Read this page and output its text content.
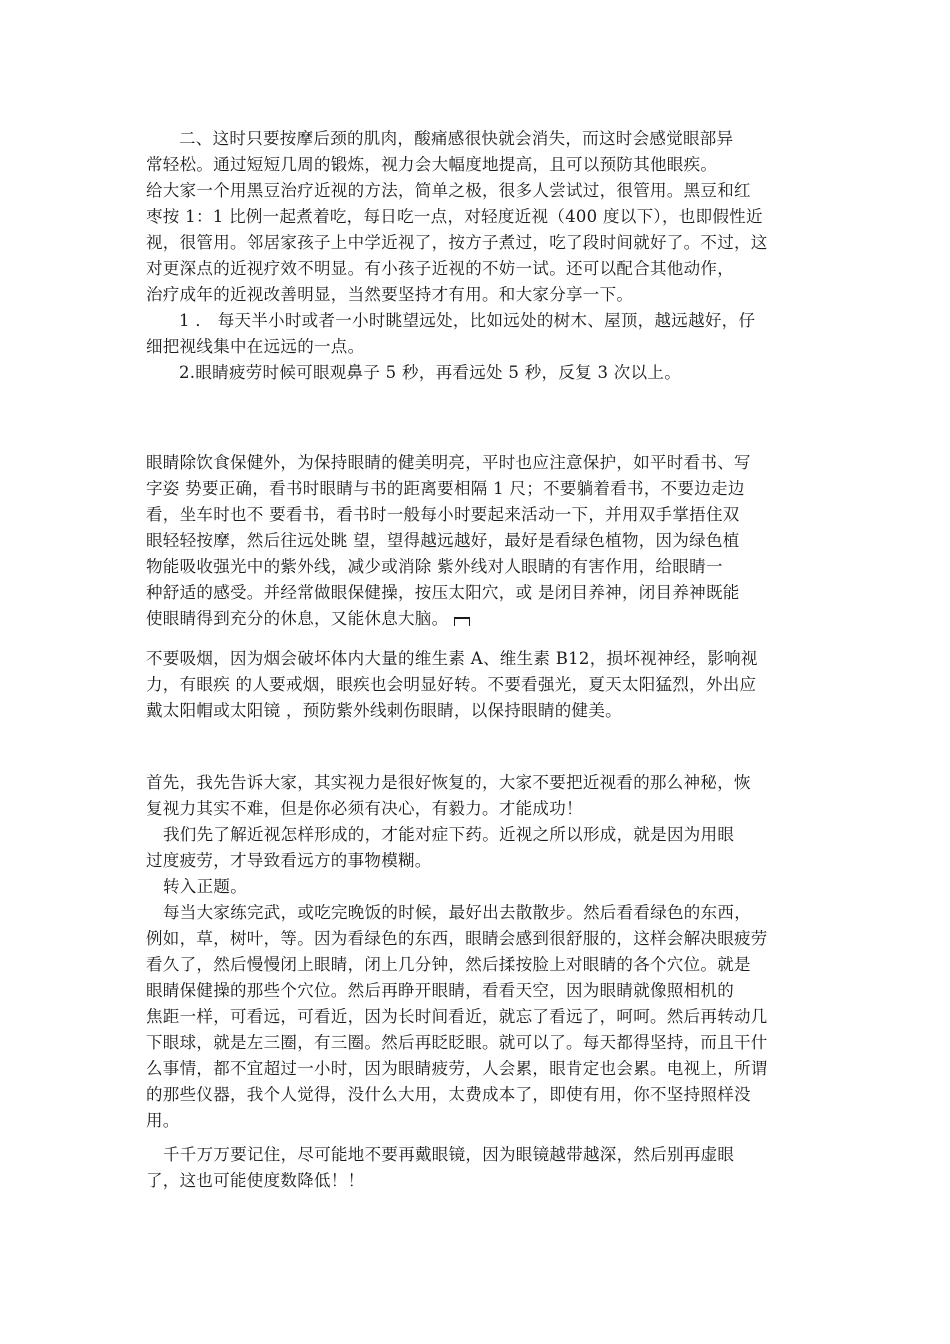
二、这时只要按摩后颈的肌肉，酸痛感很快就会消失，而这时会感觉眼部异
常轻松。通过短短几周的锻炼，视力会大幅度地提高，且可以预防其他眼疾。
给大家一个用黑豆治疗近视的方法，简单之极，很多人尝试过，很管用。黑豆和红
枣按 1：1 比例一起煮着吃，每日吃一点，对轻度近视（400 度以下），也即假性近
视，很管用。邻居家孩子上中学近视了，按方子煮过，吃了段时间就好了。不过，这
对更深点的近视疗效不明显。有小孩子近视的不妨一试。还可以配合其他动作，
治疗成年的近视改善明显，当然要坚持才有用。和大家分享一下。
1 ． 每天半小时或者一小时眺望远处，比如远处的树木、屋顶，越远越好，仔
细把视线集中在远远的一点。
2.眼睛疲劳时候可眼观鼻子 5 秒，再看远处 5 秒，反复 3 次以上。
眼睛除饮食保健外，为保持眼睛的健美明亮，平时也应注意保护，如平时看书、写
字姿 势要正确，看书时眼睛与书的距离要相隔 1 尺；不要躺着看书，不要边走边
看，坐车时也不 要看书，看书时一般每小时要起来活动一下，并用双手掌捂住双
眼轻轻按摩，然后往远处眺 望，望得越远越好，最好是看绿色植物，因为绿色植
物能吸收强光中的紫外线，减少或消除 紫外线对人眼睛的有害作用，给眼睛一
种舒适的感受。并经常做眼保健操，按压太阳穴，或 是闭目养神，闭目养神既能
使眼睛得到充分的休息，又能休息大脑。
不要吸烟，因为烟会破坏体内大量的维生素 A、维生素 B12，损坏视神经，影响视
力，有眼疾 的人要戒烟，眼疾也会明显好转。不要看强光，夏天太阳猛烈，外出应
戴太阳帽或太阳镜 ，预防紫外线刺伤眼睛，以保持眼睛的健美。
首先，我先告诉大家，其实视力是很好恢复的，大家不要把近视看的那么神秘，恢
复视力其实不难，但是你必须有决心，有毅力。才能成功！
我们先了解近视怎样形成的，才能对症下药。近视之所以形成，就是因为用眼
过度疲劳，才导致看远方的事物模糊。
转入正题。
每当大家练完武，或吃完晚饭的时候，最好出去散散步。然后看看绿色的东西，
例如，草，树叶，等。因为看绿色的东西，眼睛会感到很舒服的，这样会解决眼疲劳
看久了，然后慢慢闭上眼睛，闭上几分钟，然后揉按脸上对眼睛的各个穴位。就是
眼睛保健操的那些个穴位。然后再睁开眼睛，看看天空，因为眼睛就像照相机的
焦距一样，可看远，可看近，因为长时间看近，就忘了看远了，呵呵。然后再转动几
下眼球，就是左三圈，有三圈。然后再眨眨眼。就可以了。每天都得坚持，而且干什
么事情，都不宜超过一小时，因为眼睛疲劳，人会累，眼肯定也会累。电视上，所谓
的那些仪器，我个人觉得，没什么大用，太费成本了，即使有用，你不坚持照样没
用。
千千万万要记住，尽可能地不要再戴眼镜，因为眼镜越带越深，然后别再虚眼
了，这也可能使度数降低！！
